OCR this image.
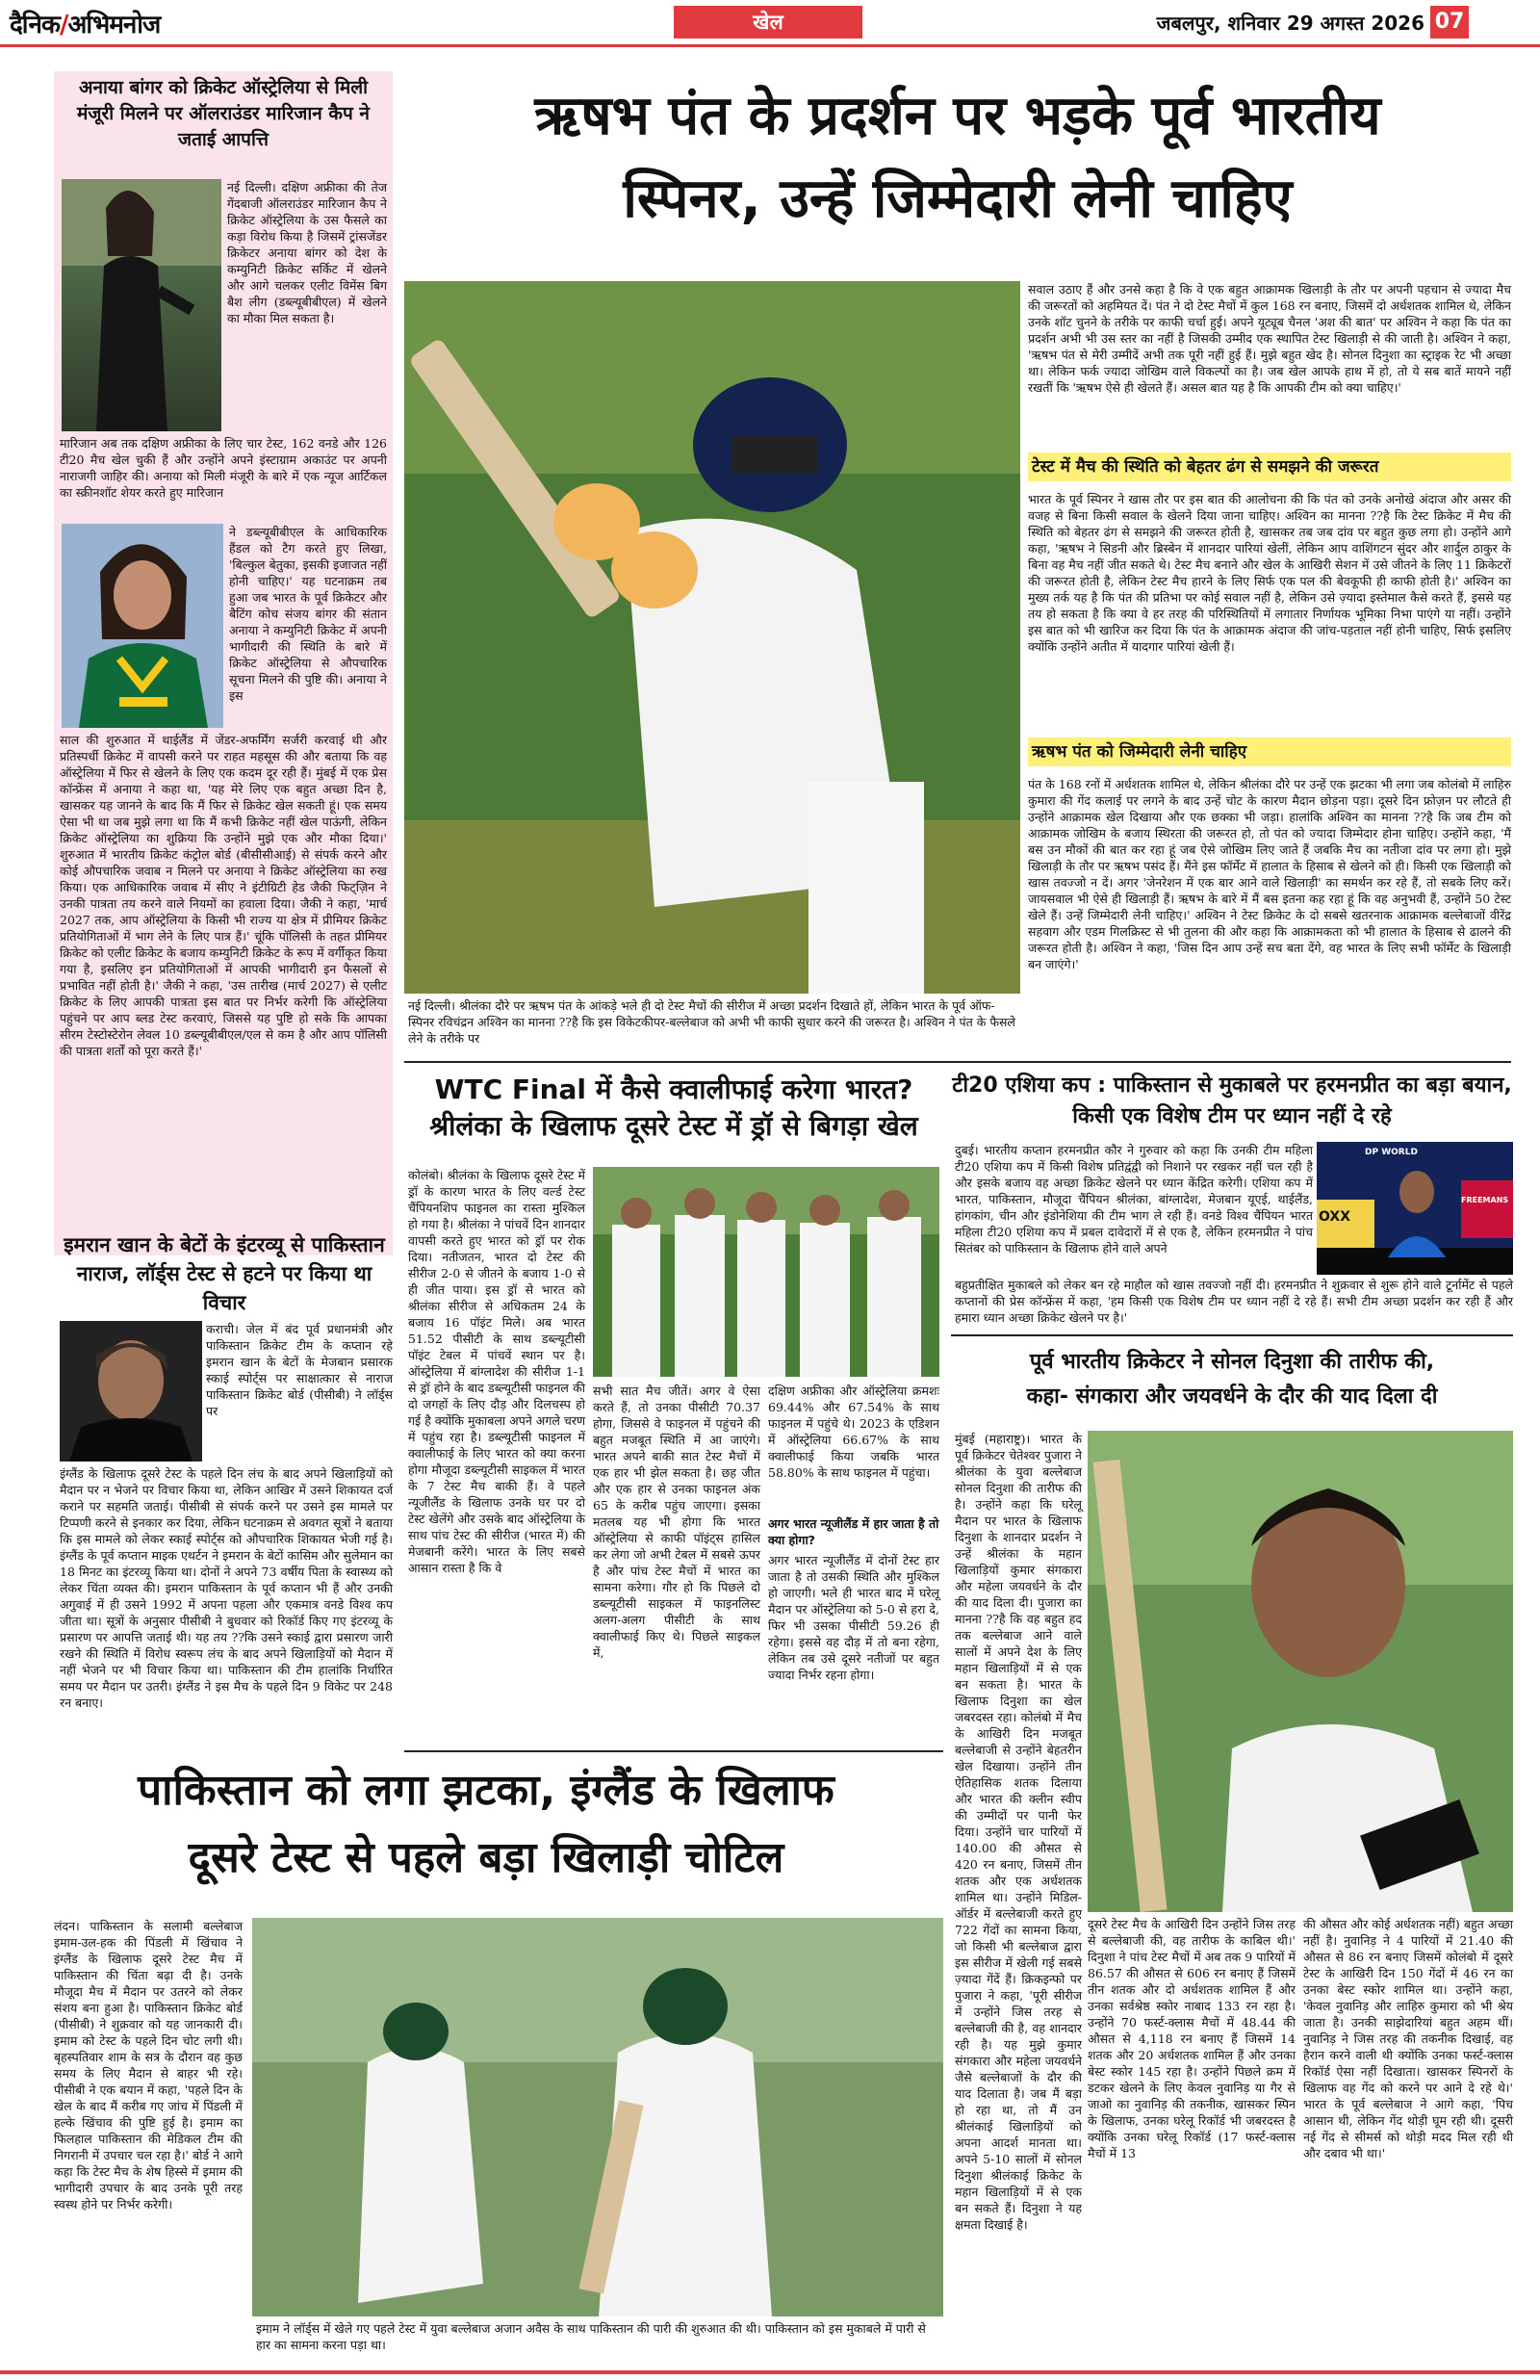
दैनिक/अभिमनोज	खेल	जबलपुर, शनिवार 29 अगस्त 2026 07
अनाया बांगर को क्रिकेट ऑस्ट्रेलिया से मिली मंजूरी मिलने पर ऑलराउंडर मारिजान कैप ने जताई आपत्ति
नई दिल्ली। दक्षिण अफ्रीका की तेज गेंदबाजी ऑलराउंडर मारिजान कैप ने क्रिकेट ऑस्ट्रेलिया के उस फैसले का कड़ा विरोध किया है जिसमें ट्रांसजेंडर क्रिकेटर अनाया बांगर को देश के कम्युनिटी क्रिकेट सर्किट में खेलने और आगे चलकर एलीट विमेंस बिग बैश लीग (डब्ल्यूबीबीएल) में खेलने का मौका मिल सकता है।
मारिजान अब तक दक्षिण अफ्रीका के लिए चार टेस्ट, 162 वनडे और 126 टी20 मैच खेल चुकी हैं और उन्होंने अपने इंस्टाग्राम अकाउंट पर अपनी नाराजगी जाहिर की। अनाया को मिली मंजूरी के बारे में एक न्यूज आर्टिकल का स्क्रीनशॉट शेयर करते हुए मारिजान
ने डब्ल्यूबीबीएल के आधिकारिक हैंडल को टैग करते हुए लिखा, 'बिल्कुल बेतुका, इसकी इजाजत नहीं होनी चाहिए।' यह घटनाक्रम तब हुआ जब भारत के पूर्व क्रिकेटर और बैटिंग कोच संजय बांगर की संतान अनाया ने कम्युनिटी क्रिकेट में अपनी भागीदारी की स्थिति के बारे में क्रिकेट ऑस्ट्रेलिया से औपचारिक सूचना मिलने की पुष्टि की। अनाया ने इस
साल की शुरुआत में थाईलैंड में जेंडर-अफर्मिंग सर्जरी करवाई थी और प्रतिस्पर्धी क्रिकेट में वापसी करने पर राहत महसूस की और बताया कि वह ऑस्ट्रेलिया में फिर से खेलने के लिए एक कदम दूर रही हैं। मुंबई में एक प्रेस कॉन्फ्रेंस में अनाया ने कहा था, 'यह मेरे लिए एक बहुत अच्छा दिन है, खासकर यह जानने के बाद कि मैं फिर से क्रिकेट खेल सकती हूं। एक समय ऐसा भी था जब मुझे लगा था कि मैं कभी क्रिकेट नहीं खेल पाऊंगी, लेकिन क्रिकेट ऑस्ट्रेलिया का शुक्रिया कि उन्होंने मुझे एक और मौका दिया।' शुरुआत में भारतीय क्रिकेट कंट्रोल बोर्ड (बीसीसीआई) से संपर्क करने और कोई औपचारिक जवाब न मिलने पर अनाया ने क्रिकेट ऑस्ट्रेलिया का रुख किया। एक आधिकारिक जवाब में सीए ने इंटीग्रिटी हेड जैकी फिट्ज़िन ने उनकी पात्रता तय करने वाले नियमों का हवाला दिया। जैकी ने कहा, 'मार्च 2027 तक, आप ऑस्ट्रेलिया के किसी भी राज्य या क्षेत्र में प्रीमियर क्रिकेट प्रतियोगिताओं में भाग लेने के लिए पात्र हैं।' चूंकि पॉलिसी के तहत प्रीमियर क्रिकेट को एलीट क्रिकेट के बजाय कम्युनिटी क्रिकेट के रूप में वर्गीकृत किया गया है, इसलिए इन प्रतियोगिताओं में आपकी भागीदारी इन फैसलों से प्रभावित नहीं होती है।' जैकी ने कहा, 'उस तारीख (मार्च 2027) से एलीट क्रिकेट के लिए आपकी पात्रता इस बात पर निर्भर करेगी कि ऑस्ट्रेलिया पहुंचने पर आप ब्लड टेस्ट करवाएं, जिससे यह पुष्टि हो सके कि आपका सीरम टेस्टोस्टेरोन लेवल 10 डब्ल्यूबीबीएल/एल से कम है और आप पॉलिसी की पात्रता शर्तों को पूरा करते हैं।'
इमरान खान के बेटों के इंटरव्यू से पाकिस्तान नाराज, लॉर्ड्स टेस्ट से हटने पर किया था विचार
कराची। जेल में बंद पूर्व प्रधानमंत्री और पाकिस्तान क्रिकेट टीम के कप्तान रहे इमरान खान के बेटों के मेजबान प्रसारक स्काई स्पोर्ट्स पर साक्षात्कार से नाराज पाकिस्तान क्रिकेट बोर्ड (पीसीबी) ने लॉर्ड्स पर
इंग्लैंड के खिलाफ दूसरे टेस्ट के पहले दिन लंच के बाद अपने खिलाड़ियों को मैदान पर न भेजने पर विचार किया था, लेकिन आखिर में उसने शिकायत दर्ज कराने पर सहमति जताई। पीसीबी से संपर्क करने पर उसने इस मामले पर टिप्पणी करने से इनकार कर दिया, लेकिन घटनाक्रम से अवगत सूत्रों ने बताया कि इस मामले को लेकर स्काई स्पोर्ट्स को औपचारिक शिकायत भेजी गई है। इंग्लैंड के पूर्व कप्तान माइक एथर्टन ने इमरान के बेटों कासिम और सुलेमान का 18 मिनट का इंटरव्यू किया था। दोनों ने अपने 73 वर्षीय पिता के स्वास्थ्य को लेकर चिंता व्यक्त की। इमरान पाकिस्तान के पूर्व कप्तान भी हैं और उनकी अगुवाई में ही उसने 1992 में अपना पहला और एकमात्र वनडे विश्व कप जीता था। सूत्रों के अनुसार पीसीबी ने बुधवार को रिकॉर्ड किए गए इंटरव्यू के प्रसारण पर आपत्ति जताई थी। यह तय ??कि उसने स्काई द्वारा प्रसारण जारी रखने की स्थिति में विरोध स्वरूप लंच के बाद अपने खिलाड़ियों को मैदान में नहीं भेजने पर भी विचार किया था। पाकिस्तान की टीम हालांकि निर्धारित समय पर मैदान पर उतरी। इंग्लैंड ने इस मैच के पहले दिन 9 विकेट पर 248 रन बनाए।
ऋषभ पंत के प्रदर्शन पर भड़के पूर्व भारतीय
स्पिनर, उन्हें जिम्मेदारी लेनी चाहिए
नई दिल्ली। श्रीलंका दौरे पर ऋषभ पंत के आंकड़े भले ही दो टेस्ट मैचों की सीरीज में अच्छा प्रदर्शन दिखाते हों, लेकिन भारत के पूर्व ऑफ-स्पिनर रविचंद्रन अश्विन का मानना ??है कि इस विकेटकीपर-बल्लेबाज को अभी भी काफी सुधार करने की जरूरत है। अश्विन ने पंत के फैसले लेने के तरीके पर
सवाल उठाए हैं और उनसे कहा है कि वे एक बहुत आक्रामक खिलाड़ी के तौर पर अपनी पहचान से ज्यादा मैच की जरूरतों को अहमियत दें। पंत ने दो टेस्ट मैचों में कुल 168 रन बनाए, जिसमें दो अर्धशतक शामिल थे, लेकिन उनके शॉट चुनने के तरीके पर काफी चर्चा हुई। अपने यूट्यूब चैनल 'अश की बात' पर अश्विन ने कहा कि पंत का प्रदर्शन अभी भी उस स्तर का नहीं है जिसकी उम्मीद एक स्थापित टेस्ट खिलाड़ी से की जाती है। अश्विन ने कहा, 'ऋषभ पंत से मेरी उम्मीदें अभी तक पूरी नहीं हुई हैं। मुझे बहुत खेद है। सोनल दिनुशा का स्ट्राइक रेट भी अच्छा था। लेकिन फर्क ज्यादा जोखिम वाले विकल्पों का है। जब खेल आपके हाथ में हो, तो ये सब बातें मायने नहीं रखतीं कि 'ऋषभ ऐसे ही खेलते हैं। असल बात यह है कि आपकी टीम को क्या चाहिए।'
टेस्ट में मैच की स्थिति को बेहतर ढंग से समझने की जरूरत
भारत के पूर्व स्पिनर ने खास तौर पर इस बात की आलोचना की कि पंत को उनके अनोखे अंदाज और असर की वजह से बिना किसी सवाल के खेलने दिया जाना चाहिए। अश्विन का मानना ??है कि टेस्ट क्रिकेट में मैच की स्थिति को बेहतर ढंग से समझने की जरूरत होती है, खासकर तब जब दांव पर बहुत कुछ लगा हो। उन्होंने आगे कहा, 'ऋषभ ने सिडनी और ब्रिस्बेन में शानदार पारियां खेलीं, लेकिन आप वाशिंगटन सुंदर और शार्दुल ठाकुर के बिना वह मैच नहीं जीत सकते थे। टेस्ट मैच बनाने और खेल के आखिरी सेशन में उसे जीतने के लिए 11 क्रिकेटरों की जरूरत होती है, लेकिन टेस्ट मैच हारने के लिए सिर्फ एक पल की बेवकूफी ही काफी होती है।' अश्विन का मुख्य तर्क यह है कि पंत की प्रतिभा पर कोई सवाल नहीं है, लेकिन उसे ज़्यादा इस्तेमाल कैसे करते हैं, इससे यह तय हो सकता है कि क्या वे हर तरह की परिस्थितियों में लगातार निर्णायक भूमिका निभा पाएंगे या नहीं। उन्होंने इस बात को भी खारिज कर दिया कि पंत के आक्रामक अंदाज की जांच-पड़ताल नहीं होनी चाहिए, सिर्फ इसलिए क्योंकि उन्होंने अतीत में यादगार पारियां खेली हैं।
ऋषभ पंत को जिम्मेदारी लेनी चाहिए
पंत के 168 रनों में अर्धशतक शामिल थे, लेकिन श्रीलंका दौरे पर उन्हें एक झटका भी लगा जब कोलंबो में लाहिरु कुमारा की गेंद कलाई पर लगने के बाद उन्हें चोट के कारण मैदान छोड़ना पड़ा। दूसरे दिन फ्रोज़न पर लौटते ही उन्होंने आक्रामक खेल दिखाया और एक छक्का भी जड़ा। हालांकि अश्विन का मानना ??है कि जब टीम को आक्रामक जोखिम के बजाय स्थिरता की जरूरत हो, तो पंत को ज्यादा जिम्मेदार होना चाहिए। उन्होंने कहा, 'मैं बस उन मौकों की बात कर रहा हूं जब ऐसे जोखिम लिए जाते हैं जबकि मैच का नतीजा दांव पर लगा हो। मुझे खिलाड़ी के तौर पर ऋषभ पसंद हैं। मैंने इस फॉर्मेट में हालात के हिसाब से खेलने को ही। किसी एक खिलाड़ी को खास तवज्जो न दें। अगर 'जेनरेशन में एक बार आने वाले खिलाड़ी' का समर्थन कर रहे हैं, तो सबके लिए करें। जायसवाल भी ऐसे ही खिलाड़ी हैं। ऋषभ के बारे में मैं बस इतना कह रहा हूं कि वह अनुभवी हैं, उन्होंने 50 टेस्ट खेले हैं। उन्हें जिम्मेदारी लेनी चाहिए।' अश्विन ने टेस्ट क्रिकेट के दो सबसे खतरनाक आक्रामक बल्लेबाजों वीरेंद्र सहवाग और एडम गिलक्रिस्ट से भी तुलना की और कहा कि आक्रामकता को भी हालात के हिसाब से ढालने की जरूरत होती है। अश्विन ने कहा, 'जिस दिन आप उन्हें सच बता देंगे, वह भारत के लिए सभी फॉर्मेट के खिलाड़ी बन जाएंगे।'
WTC Final में कैसे क्वालीफाई करेगा भारत?
श्रीलंका के खिलाफ दूसरे टेस्ट में ड्रॉ से बिगड़ा खेल
कोलंबो। श्रीलंका के खिलाफ दूसरे टेस्ट में ड्रॉ के कारण भारत के लिए वर्ल्ड टेस्ट चैंपियनशिप फाइनल का रास्ता मुश्किल हो गया है। श्रीलंका ने पांचवें दिन शानदार वापसी करते हुए भारत को ड्रॉ पर रोक दिया। नतीजतन, भारत दो टेस्ट की सीरीज 2-0 से जीतने के बजाय 1-0 से ही जीत पाया। इस ड्रॉ से भारत को श्रीलंका सीरीज से अधिकतम 24 के बजाय 16 पॉइंट मिले। अब भारत 51.52 पीसीटी के साथ डब्ल्यूटीसी पॉइंट टेबल में पांचवें स्थान पर है। ऑस्ट्रेलिया में बांग्लादेश की सीरीज 1-1 से ड्रॉ होने के बाद डब्ल्यूटीसी फाइनल की दो जगहों के लिए दौड़ और दिलचस्प हो गई है क्योंकि मुकाबला अपने अगले चरण में पहुंच रहा है। डब्ल्यूटीसी फाइनल में क्वालीफाई के लिए भारत को क्या करना होगा मौजूदा डब्ल्यूटीसी साइकल में भारत के 7 टेस्ट मैच बाकी हैं। वे पहले न्यूजीलैंड के खिलाफ उनके घर पर दो टेस्ट खेलेंगे और उसके बाद ऑस्ट्रेलिया के साथ पांच टेस्ट की सीरीज (भारत में) की मेजबानी करेंगे। भारत के लिए सबसे आसान रास्ता है कि वे
सभी सात मैच जीतें। अगर वे ऐसा करते हैं, तो उनका पीसीटी 70.37 होगा, जिससे वे फाइनल में पहुंचने की बहुत मजबूत स्थिति में आ जाएंगे। भारत अपने बाकी सात टेस्ट मैचों में एक हार भी झेल सकता है। छह जीत और एक हार से उनका फाइनल अंक 65 के करीब पहुंच जाएगा। इसका मतलब यह भी होगा कि भारत ऑस्ट्रेलिया से काफी पॉइंट्स हासिल कर लेगा जो अभी टेबल में सबसे ऊपर है और पांच टेस्ट मैचों में भारत का सामना करेगा। गौर हो कि पिछले दो डब्ल्यूटीसी साइकल में फाइनलिस्ट अलग-अलग पीसीटी के साथ क्वालीफाई किए थे। पिछले साइकल में,
दक्षिण अफ्रीका और ऑस्ट्रेलिया क्रमशः 69.44% और 67.54% के साथ फाइनल में पहुंचे थे। 2023 के एडिशन में ऑस्ट्रेलिया 66.67% के साथ क्वालीफाई किया जबकि भारत 58.80% के साथ फाइनल में पहुंचा।
अगर भारत न्यूजीलैंड में हार जाता है तो क्या होगा?
अगर भारत न्यूजीलैंड में दोनों टेस्ट हार जाता है तो उसकी स्थिति और मुश्किल हो जाएगी। भले ही भारत बाद में घरेलू मैदान पर ऑस्ट्रेलिया को 5-0 से हरा दे, फिर भी उसका पीसीटी 59.26 ही रहेगा। इससे वह दौड़ में तो बना रहेगा, लेकिन तब उसे दूसरे नतीजों पर बहुत ज्यादा निर्भर रहना होगा।
टी20 एशिया कप : पाकिस्तान से मुकाबले पर हरमनप्रीत का बड़ा बयान, किसी एक विशेष टीम पर ध्यान नहीं दे रहे
दुबई। भारतीय कप्तान हरमनप्रीत कौर ने गुरुवार को कहा कि उनकी टीम महिला टी20 एशिया कप में किसी विशेष प्रतिद्वंद्वी को निशाने पर रखकर नहीं चल रही है और इसके बजाय वह अच्छा क्रिकेट खेलने पर ध्यान केंद्रित करेगी। एशिया कप में भारत, पाकिस्तान, मौजूदा चैंपियन श्रीलंका, बांग्लादेश, मेजबान यूएई, थाईलैंड, हांगकांग, चीन और इंडोनेशिया की टीम भाग ले रही हैं। वनडे विश्व चैंपियन भारत महिला टी20 एशिया कप में प्रबल दावेदारों में से एक है, लेकिन हरमनप्रीत ने पांच सितंबर को पाकिस्तान के खिलाफ होने वाले अपने
DP WORLD
FREEMANS
OXX
बहुप्रतीक्षित मुकाबले को लेकर बन रहे माहौल को खास तवज्जो नहीं दी। हरमनप्रीत ने शुक्रवार से शुरू होने वाले टूर्नामेंट से पहले कप्तानों की प्रेस कॉन्फ्रेंस में कहा, 'हम किसी एक विशेष टीम पर ध्यान नहीं दे रहे हैं। सभी टीम अच्छा प्रदर्शन कर रही हैं और हमारा ध्यान अच्छा क्रिकेट खेलने पर है।'
पूर्व भारतीय क्रिकेटर ने सोनल दिनुशा की तारीफ की,
कहा- संगकारा और जयवर्धने के दौर की याद दिला दी
मुंबई (महाराष्ट्र)। भारत के पूर्व क्रिकेटर चेतेश्वर पुजारा ने श्रीलंका के युवा बल्लेबाज सोनल दिनुशा की तारीफ की है। उन्होंने कहा कि घरेलू मैदान पर भारत के खिलाफ दिनुशा के शानदार प्रदर्शन ने उन्हें श्रीलंका के महान खिलाड़ियों कुमार संगकारा और महेला जयवर्धने के दौर की याद दिला दी। पुजारा का मानना ??है कि वह बहुत हद तक बल्लेबाज आने वाले सालों में अपने देश के लिए महान खिलाड़ियों में से एक बन सकता है। भारत के खिलाफ दिनुशा का खेल जबरदस्त रहा। कोलंबो में मैच के आखिरी दिन मजबूत बल्लेबाजी से उन्होंने बेहतरीन खेल दिखाया। उन्होंने तीन ऐतिहासिक शतक दिलाया और भारत की क्लीन स्वीप की उम्मीदों पर पानी फेर दिया। उन्होंने चार पारियों में 140.00 की औसत से 420 रन बनाए, जिसमें तीन शतक और एक अर्धशतक शामिल था। उन्होंने मिडिल-ऑर्डर में बल्लेबाजी करते हुए 722 गेंदों का सामना किया, जो किसी भी बल्लेबाज द्वारा इस सीरीज में खेली गई सबसे ज़्यादा गेंदें हैं। क्रिकइन्फो पर पुजारा ने कहा, 'पूरी सीरीज में उन्होंने जिस तरह से बल्लेबाजी की है, वह शानदार रही है। यह मुझे कुमार संगकारा और महेला जयवर्धने जैसे बल्लेबाजों के दौर की याद दिलाता है। जब मैं बड़ा हो रहा था, तो मैं उन श्रीलंकाई खिलाड़ियों को अपना आदर्श मानता था। अपने 5-10 सालों में सोनल दिनुशा श्रीलंकाई क्रिकेट के महान खिलाड़ियों में से एक बन सकते हैं। दिनुशा ने यह क्षमता दिखाई है।
दूसरे टेस्ट मैच के आखिरी दिन उन्होंने जिस तरह से बल्लेबाजी की, वह तारीफ के काबिल थी।' दिनुशा ने पांच टेस्ट मैचों में अब तक 9 पारियों में 86.57 की औसत से 606 रन बनाए हैं जिसमें तीन शतक और दो अर्धशतक शामिल हैं और उनका सर्वश्रेष्ठ स्कोर नाबाद 133 रन रहा है। उन्होंने 70 फर्स्ट-क्लास मैचों में 48.44 की औसत से 4,118 रन बनाए हैं जिसमें 14 शतक और 20 अर्धशतक शामिल हैं और उनका बेस्ट स्कोर 145 रहा है। उन्होंने पिछले क्रम में डटकर खेलने के लिए केवल नुवानिड़ या गैर से जाओ का नुवानिड़ की तकनीक, खासकर स्पिन के खिलाफ, उनका घरेलू रिकॉर्ड भी जबरदस्त है क्योंकि उनका घरेलू रिकॉर्ड (17 फर्स्ट-क्लास मैचों में 13
की औसत और कोई अर्धशतक नहीं) बहुत अच्छा नहीं है। नुवानिड़ ने 4 पारियों में 21.40 की औसत से 86 रन बनाए जिसमें कोलंबो में दूसरे टेस्ट के आखिरी दिन 150 गेंदों में 46 रन का उनका बेस्ट स्कोर शामिल था। उन्होंने कहा, 'केवल नुवानिड़ और लाहिरु कुमारा को भी श्रेय जाता है। उनकी साझेदारियां बहुत अहम थीं। नुवानिड़ ने जिस तरह की तकनीक दिखाई, वह हैरान करने वाली थी क्योंकि उनका फर्स्ट-क्लास रिकॉर्ड ऐसा नहीं दिखाता। खासकर स्पिनरों के खिलाफ वह गेंद को करने पर आने दे रहे थे।' भारत के पूर्व बल्लेबाज ने आगे कहा, 'पिच आसान थी, लेकिन गेंद थोड़ी घूम रही थी। दूसरी नई गेंद से सीमर्स को थोड़ी मदद मिल रही थी और दबाव भी था।'
पाकिस्तान को लगा झटका, इंग्लैंड के खिलाफ
दूसरे टेस्ट से पहले बड़ा खिलाड़ी चोटिल
लंदन। पाकिस्तान के सलामी बल्लेबाज इमाम-उल-हक की पिंडली में खिंचाव ने इंग्लैंड के खिलाफ दूसरे टेस्ट मैच में पाकिस्तान की चिंता बढ़ा दी है। उनके मौजूदा मैच में मैदान पर उतरने को लेकर संशय बना हुआ है। पाकिस्तान क्रिकेट बोर्ड (पीसीबी) ने शुक्रवार को यह जानकारी दी। इमाम को टेस्ट के पहले दिन चोट लगी थी। बृहस्पतिवार शाम के सत्र के दौरान वह कुछ समय के लिए मैदान से बाहर भी रहे। पीसीबी ने एक बयान में कहा, 'पहले दिन के खेल के बाद मैं करीब गए जांच में पिंडली में हल्के खिंचाव की पुष्टि हुई है। इमाम का फिलहाल पाकिस्तान की मेडिकल टीम की निगरानी में उपचार चल रहा है।' बोर्ड ने आगे कहा कि टेस्ट मैच के शेष हिस्से में इमाम की भागीदारी उपचार के बाद उनके पूरी तरह स्वस्थ होने पर निर्भर करेगी।
इमाम ने लॉर्ड्स में खेले गए पहले टेस्ट में युवा बल्लेबाज अजान अवैस के साथ पाकिस्तान की पारी की शुरुआत की थी। पाकिस्तान को इस मुकाबले में पारी से हार का सामना करना पड़ा था।
